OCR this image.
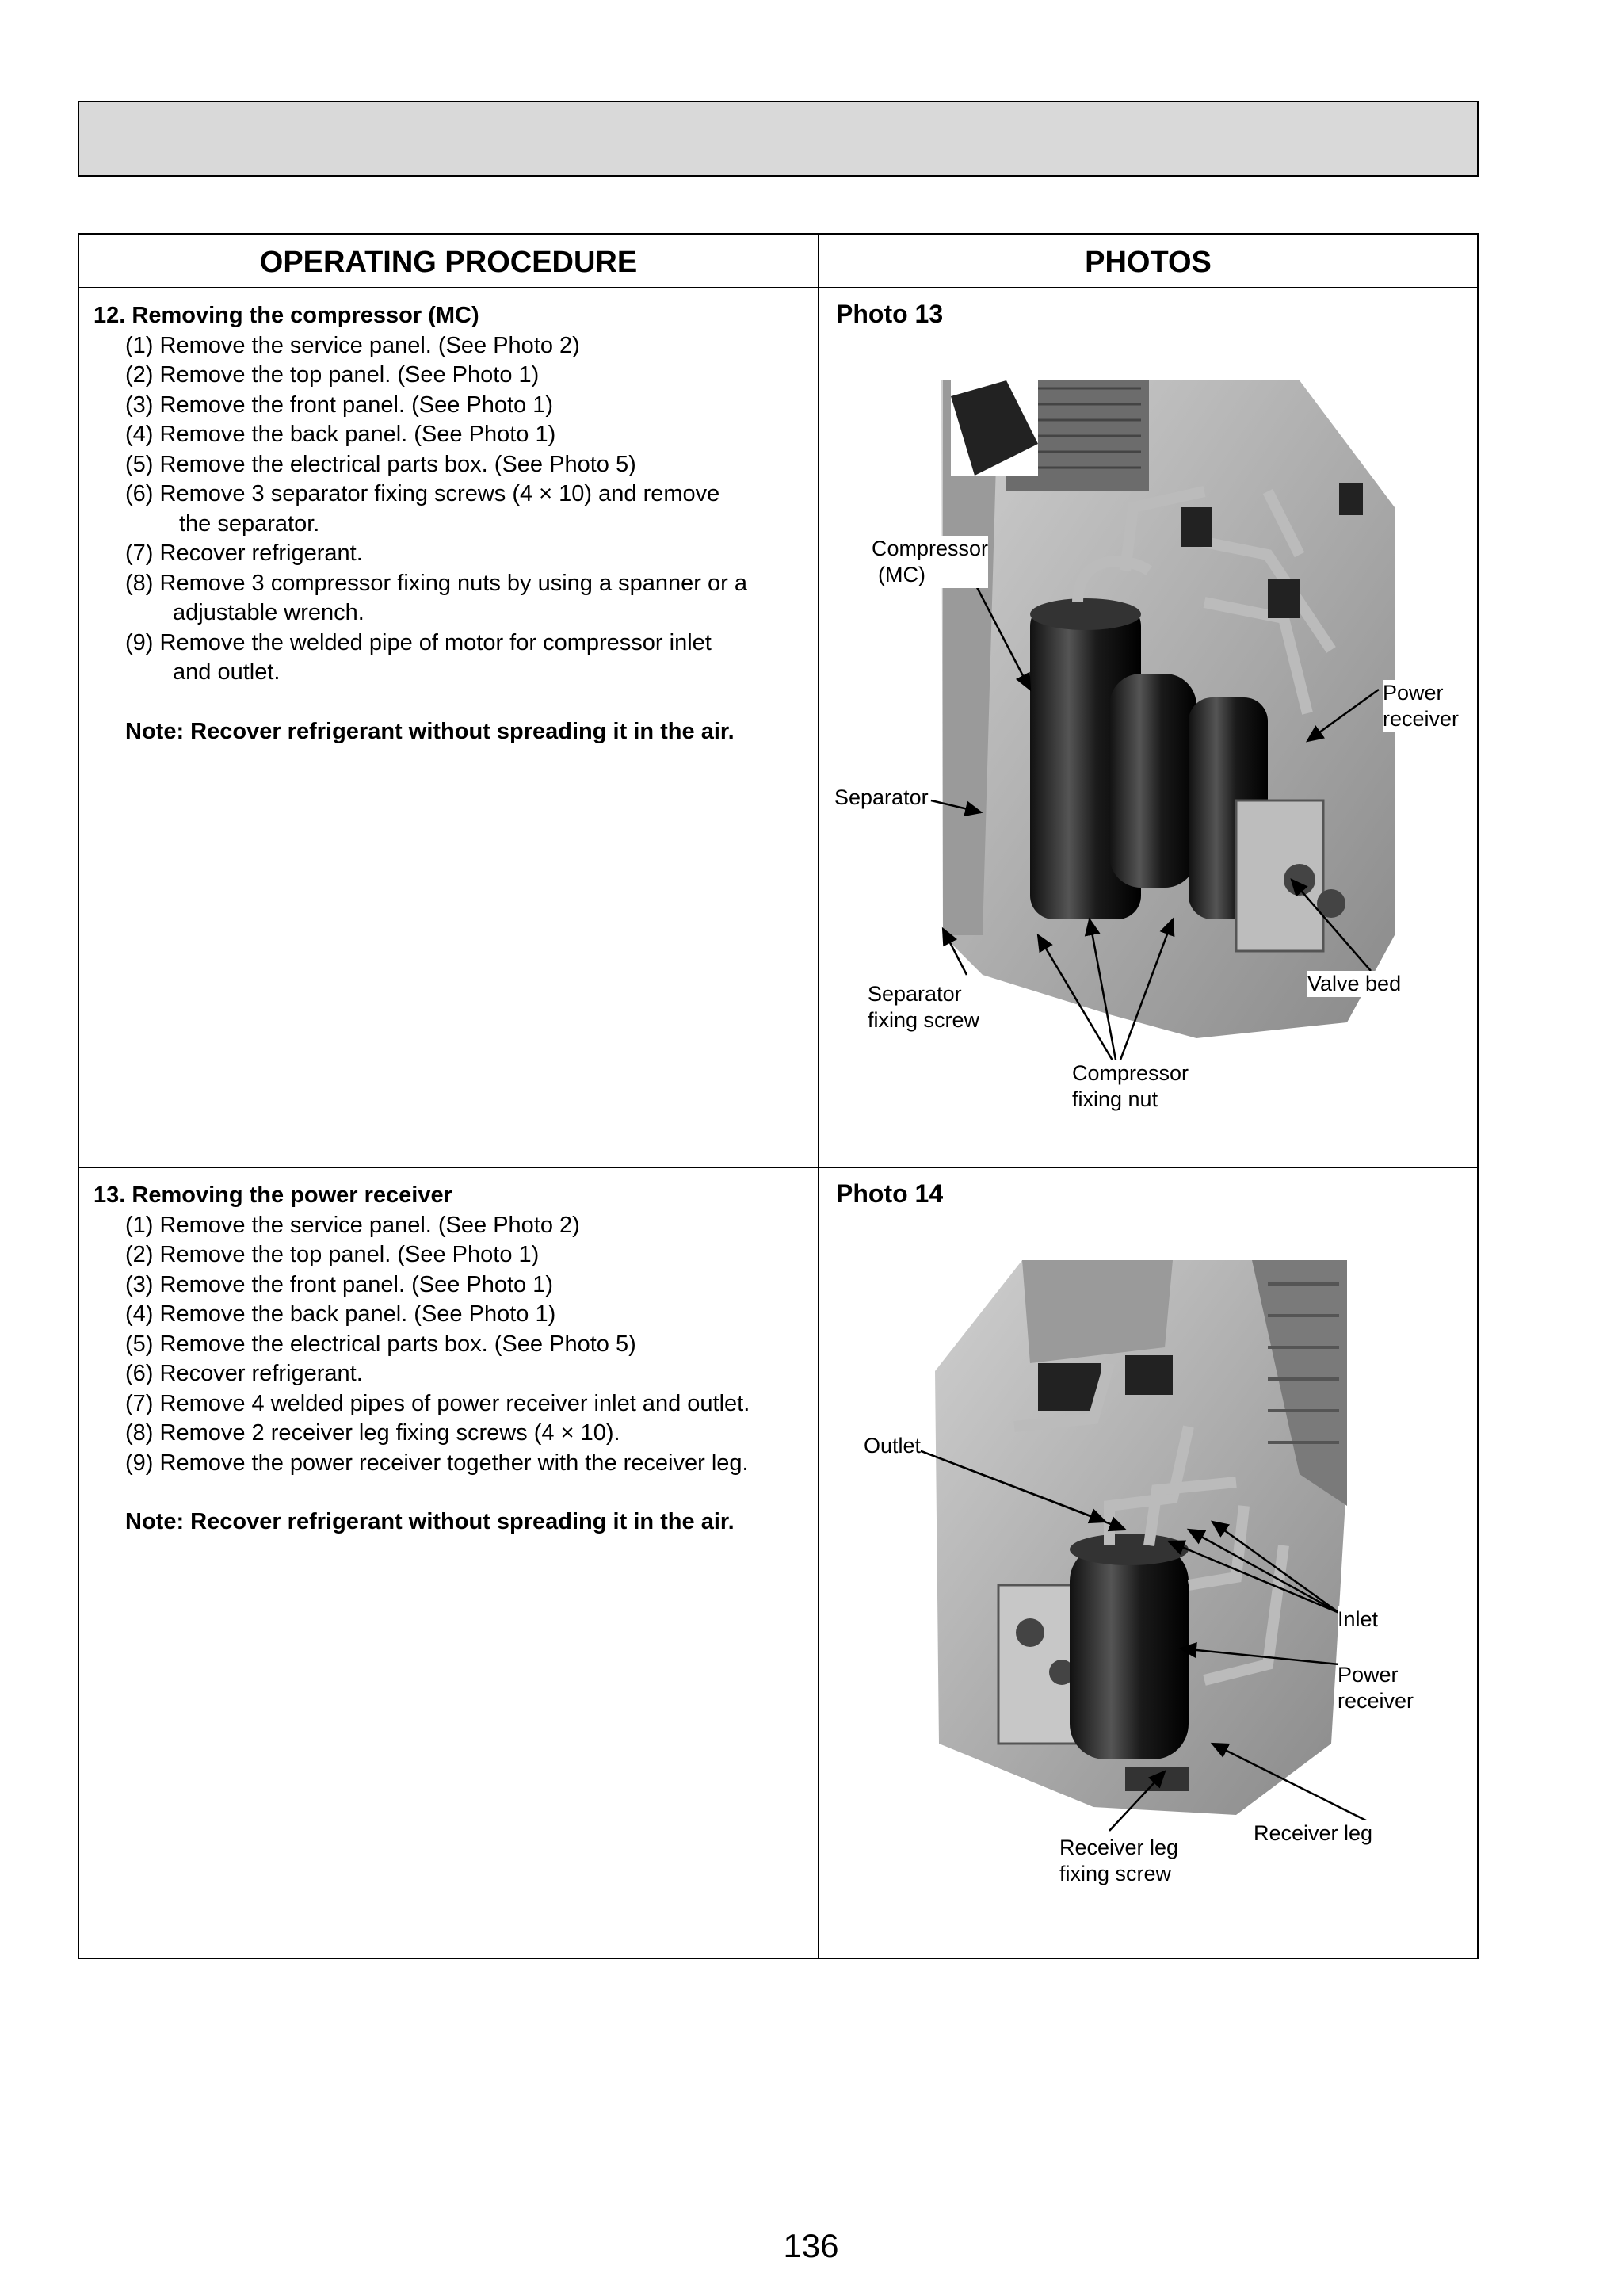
OPERATING PROCEDURE	PHOTOS
12. Removing the compressor (MC)
(1) Remove the service panel. (See Photo 2)
(2) Remove the top panel. (See Photo 1)
(3) Remove the front panel. (See Photo 1)
(4) Remove the back panel. (See Photo 1)
(5) Remove the electrical parts box. (See Photo 5)
(6) Remove 3 separator fixing screws (4 × 10) and remove
the separator.
(7) Recover refrigerant.
(8) Remove 3 compressor fixing nuts by using a spanner or a
adjustable wrench.
(9) Remove the welded pipe of motor for compressor inlet
and outlet.
Note: Recover refrigerant without spreading it in the air.
13. Removing the power receiver
(1) Remove the service panel. (See Photo 2)
(2) Remove the top panel. (See Photo 1)
(3) Remove the front panel. (See Photo 1)
(4) Remove the back panel. (See Photo 1)
(5) Remove the electrical parts box. (See Photo 5)
(6) Recover refrigerant.
(7) Remove 4 welded pipes of power receiver inlet and outlet.
(8) Remove 2 receiver leg fixing screws (4 × 10).
(9) Remove the power receiver together with the receiver leg.
Note: Recover refrigerant without spreading it in the air.
Photo 13
Photo 14
Compressor
(MC)
Power
receiver
Separator
Separator
fixing screw
Valve bed
Compressor
fixing nut
Outlet
Inlet
Power
receiver
Receiver leg
Receiver leg
fixing screw
136
